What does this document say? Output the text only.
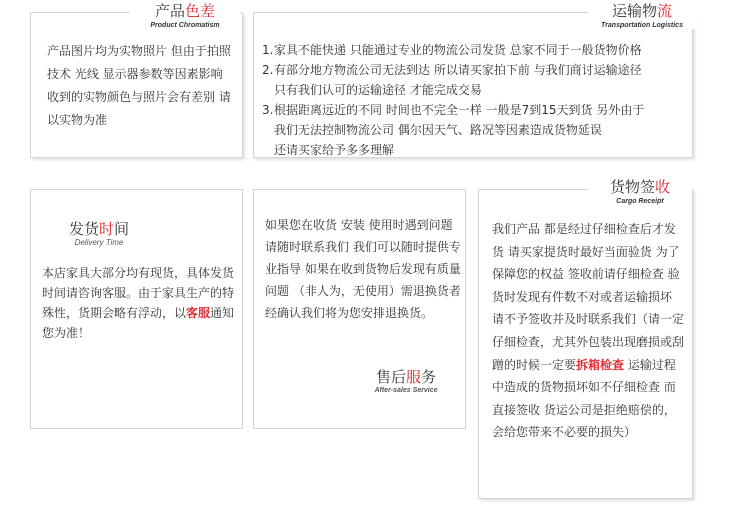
产品色差
Product Chromatism
产品图片均为实物照片 但由于拍照技术 光线 显示器参数等因素影响 收到的实物颜色与照片会有差别 请以实物为准
运输物流
Transportation Logistics
1. 家具不能快递 只能通过专业的物流公司发货 总家不同于一般货物价格
2. 有部分地方物流公司无法到达 所以请买家拍下前 与我们商讨运输途径
只有我们认可的运输途径 才能完成交易
3. 根据距离远近的不同 时间也不完全一样 一般是7到15天到货 另外由于
我们无法控制物流公司 偶尔因天气、路况等因素造成货物延误
还请买家给予多多理解
发货时间
Delivery Time
本店家具大部分均有现货，具体发货时间请咨询客服。由于家具生产的特殊性，货期会略有浮动，以客服通知您为准！
如果您在收货 安装 使用时遇到问题 请随时联系我们 我们可以随时提供专业指导 如果在收到货物后发现有质量问题 （非人为，无使用）需退换货者 经确认我们将为您安排退换货。
售后服务
After-sales Service
货物签收
Cargo Receipt
我们产品 都是经过仔细检查后才发货 请买家提货时最好当面验货 为了保障您的权益 签收前请仔细检查 验货时发现有件数不对或者运输损坏 请不予签收并及时联系我们（请一定仔细检查，尤其外包装出现磨损或刮蹭的时候一定要拆箱检查 运输过程中造成的货物损坏如不仔细检查 而直接签收 货运公司是拒绝赔偿的，会给您带来不必要的损失）
